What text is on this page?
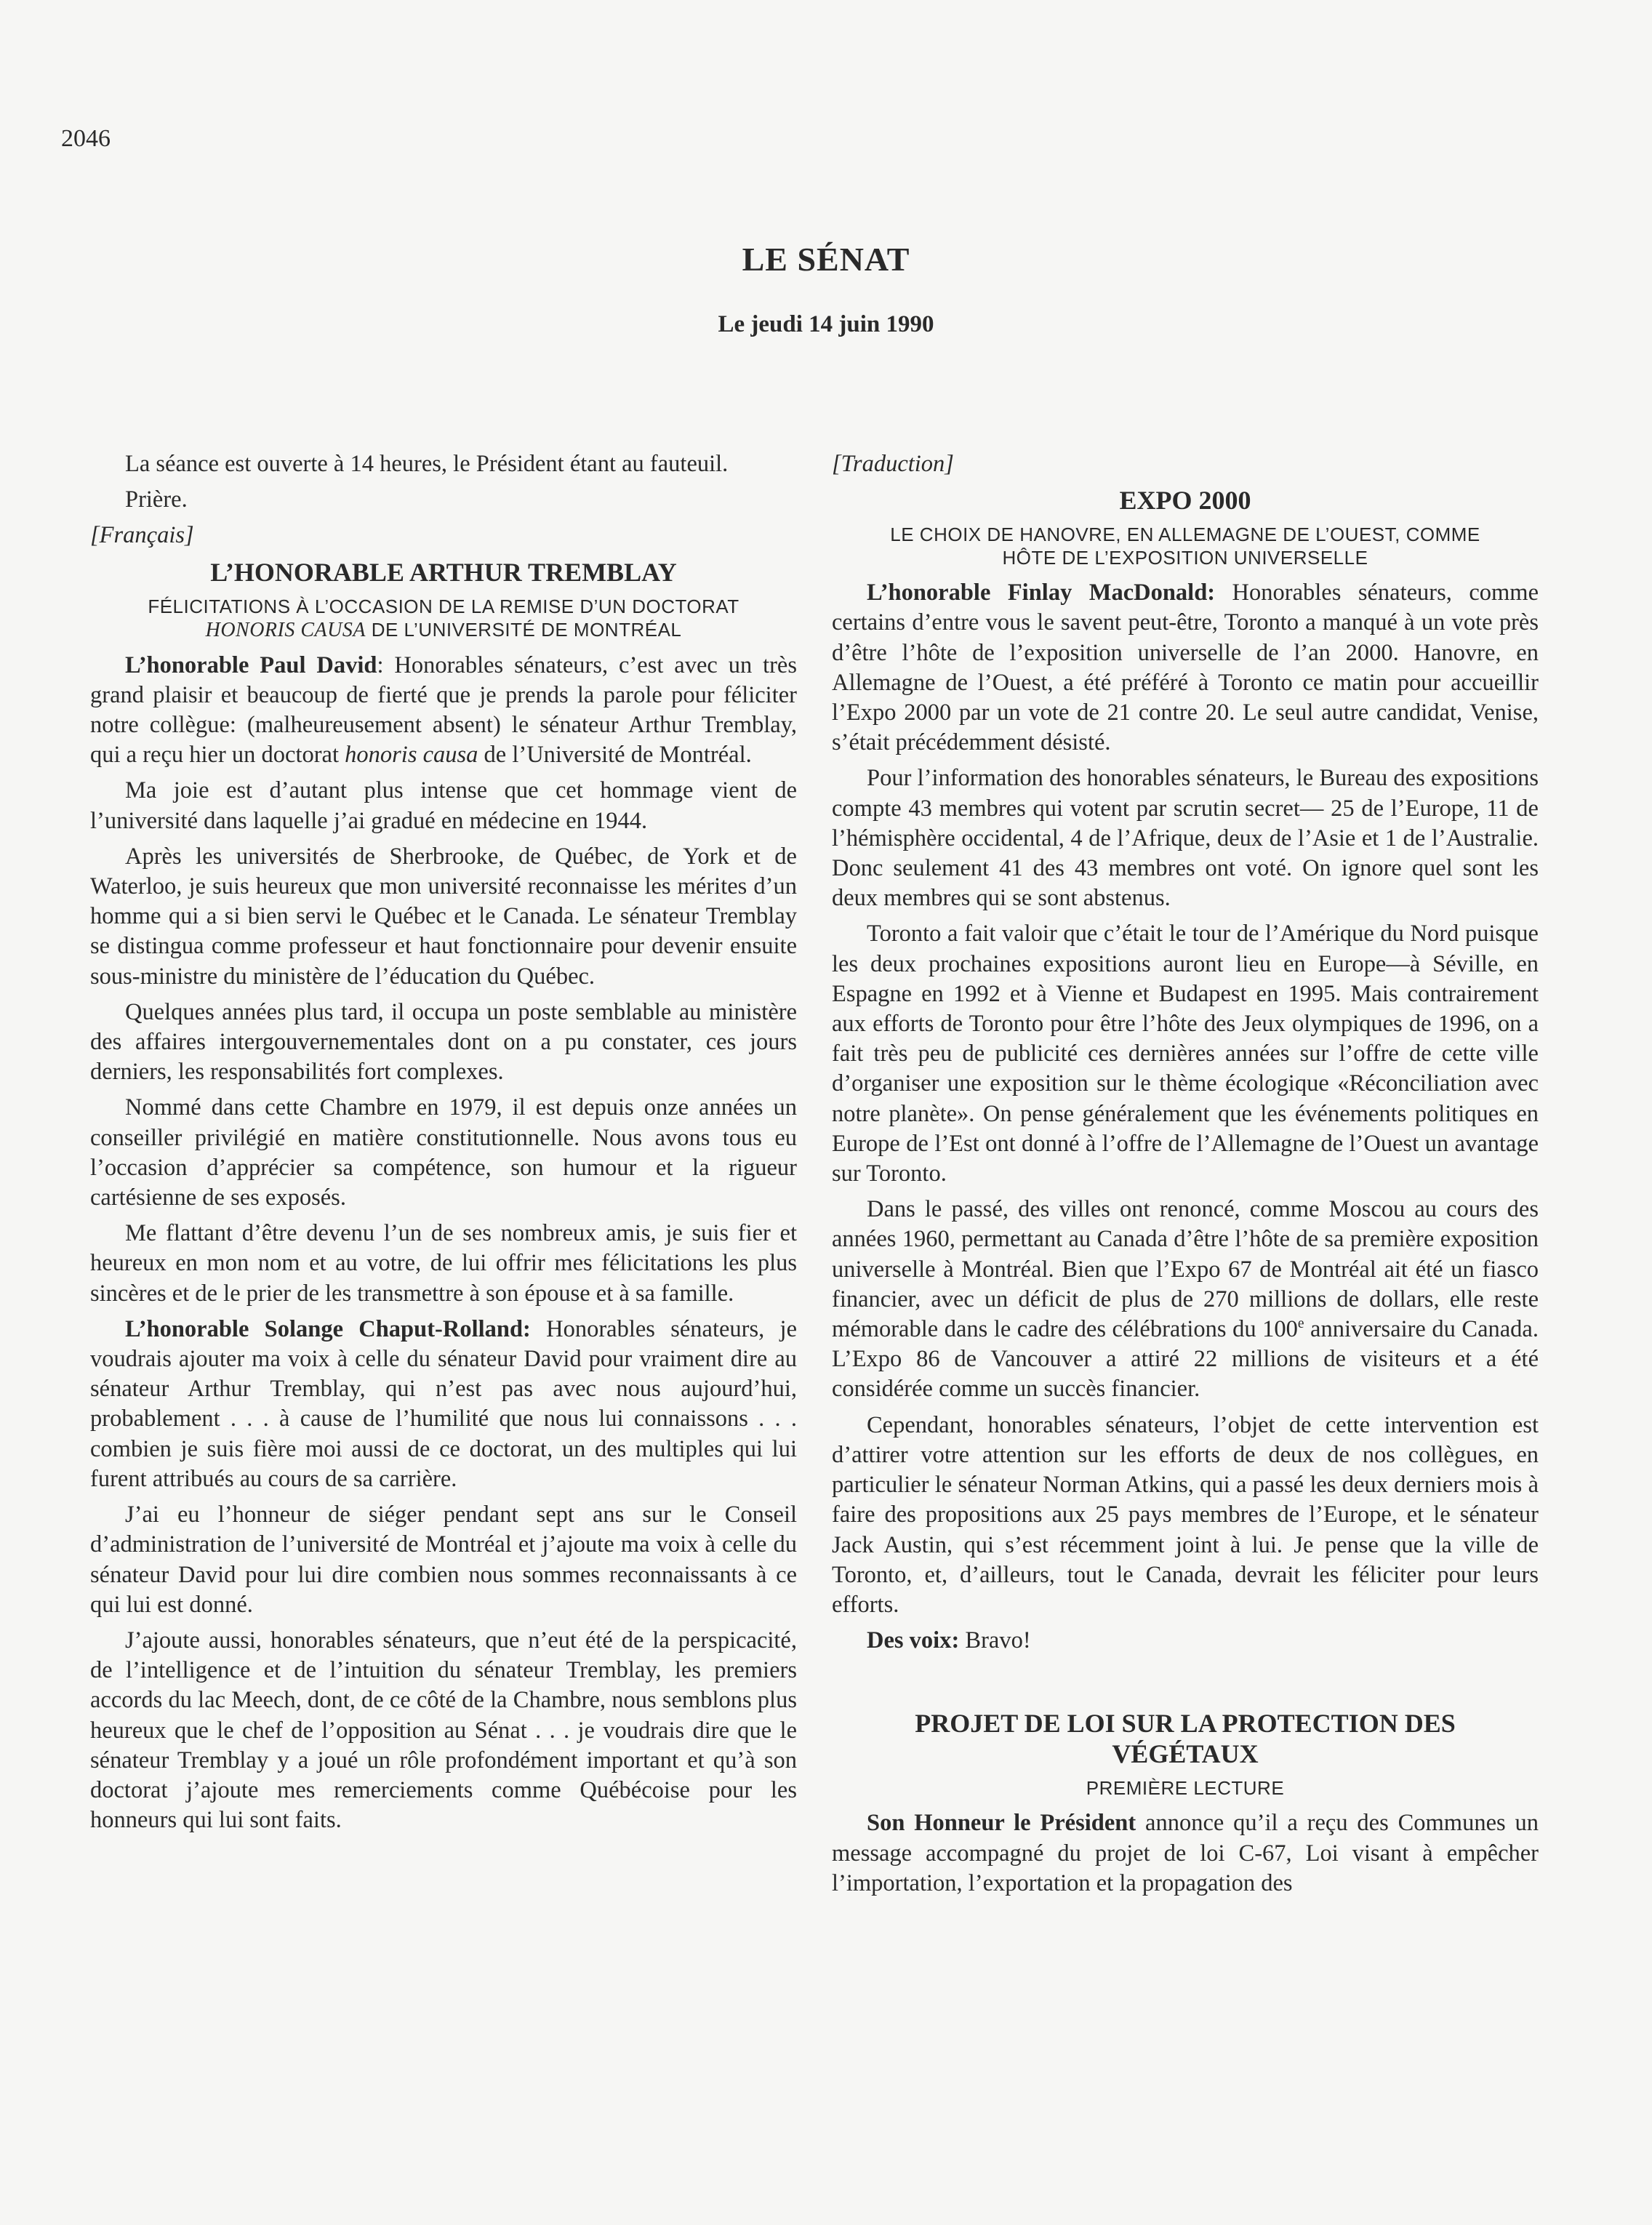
2046
LE SÉNAT
Le jeudi 14 juin 1990

La séance est ouverte à 14 heures, le Président étant au fauteuil.

Prière.

[Français]

L’HONORABLE ARTHUR TREMBLAY
FÉLICITATIONS À L’OCCASION DE LA REMISE D’UN DOCTORAT
HONORIS CAUSA DE L’UNIVERSITÉ DE MONTRÉAL

L’honorable Paul David: Honorables sénateurs, c’est avec un très grand plaisir et beaucoup de fierté que je prends la parole pour féliciter notre collègue: (malheureusement absent) le sénateur Arthur Tremblay, qui a reçu hier un doctorat honoris causa de l’Université de Montréal.

Ma joie est d’autant plus intense que cet hommage vient de l’université dans laquelle j’ai gradué en médecine en 1944.

Après les universités de Sherbrooke, de Québec, de York et de Waterloo, je suis heureux que mon université reconnaisse les mérites d’un homme qui a si bien servi le Québec et le Canada. Le sénateur Tremblay se distingua comme professeur et haut fonctionnaire pour devenir ensuite sous-ministre du ministère de l’éducation du Québec.

Quelques années plus tard, il occupa un poste semblable au ministère des affaires intergouvernementales dont on a pu constater, ces jours derniers, les responsabilités fort complexes.

Nommé dans cette Chambre en 1979, il est depuis onze années un conseiller privilégié en matière constitutionnelle. Nous avons tous eu l’occasion d’apprécier sa compétence, son humour et la rigueur cartésienne de ses exposés.

Me flattant d’être devenu l’un de ses nombreux amis, je suis fier et heureux en mon nom et au votre, de lui offrir mes félicitations les plus sincères et de le prier de les transmettre à son épouse et à sa famille.

L’honorable Solange Chaput-Rolland: Honorables sénateurs, je voudrais ajouter ma voix à celle du sénateur David pour vraiment dire au sénateur Arthur Tremblay, qui n’est pas avec nous aujourd’hui, probablement . . . à cause de l’humilité que nous lui connaissons . . . combien je suis fière moi aussi de ce doctorat, un des multiples qui lui furent attribués au cours de sa carrière.

J’ai eu l’honneur de siéger pendant sept ans sur le Conseil d’administration de l’université de Montréal et j’ajoute ma voix à celle du sénateur David pour lui dire combien nous sommes reconnaissants à ce qui lui est donné.

J’ajoute aussi, honorables sénateurs, que n’eut été de la perspicacité, de l’intelligence et de l’intuition du sénateur Tremblay, les premiers accords du lac Meech, dont, de ce côté de la Chambre, nous semblons plus heureux que le chef de l’opposition au Sénat . . . je voudrais dire que le sénateur Tremblay y a joué un rôle profondément important et qu’à son doctorat j’ajoute mes remerciements comme Québécoise pour les honneurs qui lui sont faits.

[Traduction]

EXPO 2000
LE CHOIX DE HANOVRE, EN ALLEMAGNE DE L’OUEST, COMME
HÔTE DE L’EXPOSITION UNIVERSELLE

L’honorable Finlay MacDonald: Honorables sénateurs, comme certains d’entre vous le savent peut-être, Toronto a manqué à un vote près d’être l’hôte de l’exposition universelle de l’an 2000. Hanovre, en Allemagne de l’Ouest, a été préféré à Toronto ce matin pour accueillir l’Expo 2000 par un vote de 21 contre 20. Le seul autre candidat, Venise, s’était précédemment désisté.

Pour l’information des honorables sénateurs, le Bureau des expositions compte 43 membres qui votent par scrutin secret— 25 de l’Europe, 11 de l’hémisphère occidental, 4 de l’Afrique, deux de l’Asie et 1 de l’Australie. Donc seulement 41 des 43 membres ont voté. On ignore quel sont les deux membres qui se sont abstenus.

Toronto a fait valoir que c’était le tour de l’Amérique du Nord puisque les deux prochaines expositions auront lieu en Europe—à Séville, en Espagne en 1992 et à Vienne et Budapest en 1995. Mais contrairement aux efforts de Toronto pour être l’hôte des Jeux olympiques de 1996, on a fait très peu de publicité ces dernières années sur l’offre de cette ville d’organiser une exposition sur le thème écologique «Réconciliation avec notre planète». On pense généralement que les événements politiques en Europe de l’Est ont donné à l’offre de l’Allemagne de l’Ouest un avantage sur Toronto.

Dans le passé, des villes ont renoncé, comme Moscou au cours des années 1960, permettant au Canada d’être l’hôte de sa première exposition universelle à Montréal. Bien que l’Expo 67 de Montréal ait été un fiasco financier, avec un déficit de plus de 270 millions de dollars, elle reste mémorable dans le cadre des célébrations du 100e anniversaire du Canada. L’Expo 86 de Vancouver a attiré 22 millions de visiteurs et a été considérée comme un succès financier.

Cependant, honorables sénateurs, l’objet de cette intervention est d’attirer votre attention sur les efforts de deux de nos collègues, en particulier le sénateur Norman Atkins, qui a passé les deux derniers mois à faire des propositions aux 25 pays membres de l’Europe, et le sénateur Jack Austin, qui s’est récemment joint à lui. Je pense que la ville de Toronto, et, d’ailleurs, tout le Canada, devrait les féliciter pour leurs efforts.

Des voix: Bravo!

PROJET DE LOI SUR LA PROTECTION DES
VÉGÉTAUX
PREMIÈRE LECTURE

Son Honneur le Président annonce qu’il a reçu des Communes un message accompagné du projet de loi C-67, Loi visant à empêcher l’importation, l’exportation et la propagation des
